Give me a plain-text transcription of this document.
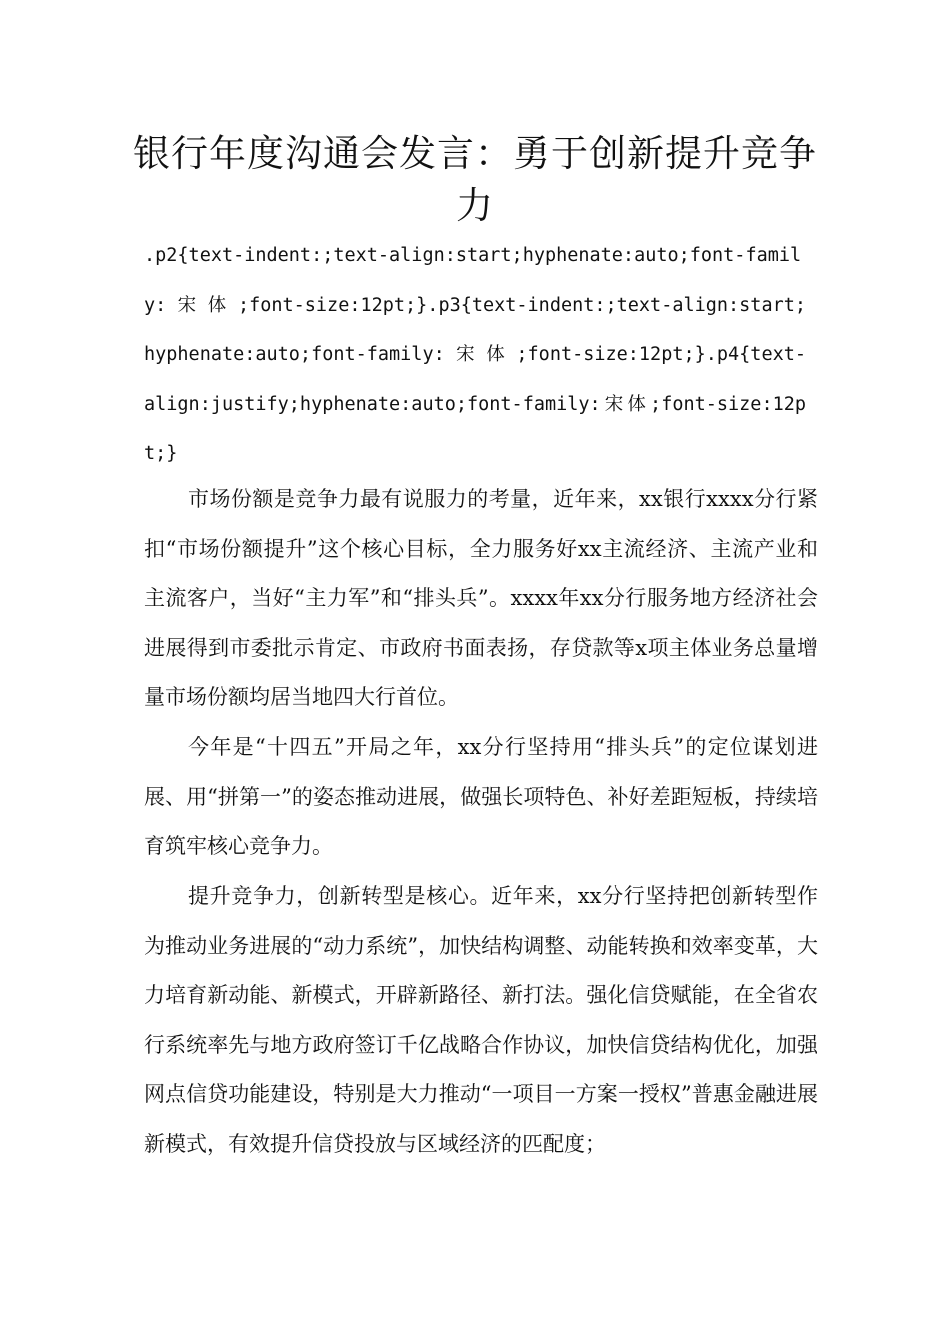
银行年度沟通会发言：勇于创新提升竞争力

.p2{text-indent:;text-align:start;hyphenate:auto;font-family: 宋 体 ;font-size:12pt;}.p3{text-indent:;text-align:start;hyphenate:auto;font-family: 宋 体 ;font-size:12pt;}.p4{text-align:justify;hyphenate:auto;font-family:宋体;font-size:12pt;}

市场份额是竞争力最有说服力的考量，近年来，xx银行xxxx分行紧扣“市场份额提升”这个核心目标，全力服务好xx主流经济、主流产业和主流客户，当好“主力军”和“排头兵”。xxxx年xx分行服务地方经济社会进展得到市委批示肯定、市政府书面表扬，存贷款等x项主体业务总量增量市场份额均居当地四大行首位。

今年是“十四五”开局之年，xx分行坚持用“排头兵”的定位谋划进展、用“拼第一”的姿态推动进展，做强长项特色、补好差距短板，持续培育筑牢核心竞争力。

提升竞争力，创新转型是核心。近年来，xx分行坚持把创新转型作为推动业务进展的“动力系统”，加快结构调整、动能转换和效率变革，大力培育新动能、新模式，开辟新路径、新打法。强化信贷赋能，在全省农行系统率先与地方政府签订千亿战略合作协议，加快信贷结构优化，加强网点信贷功能建设，特别是大力推动“一项目一方案一授权”普惠金融进展新模式，有效提升信贷投放与区域经济的匹配度；
